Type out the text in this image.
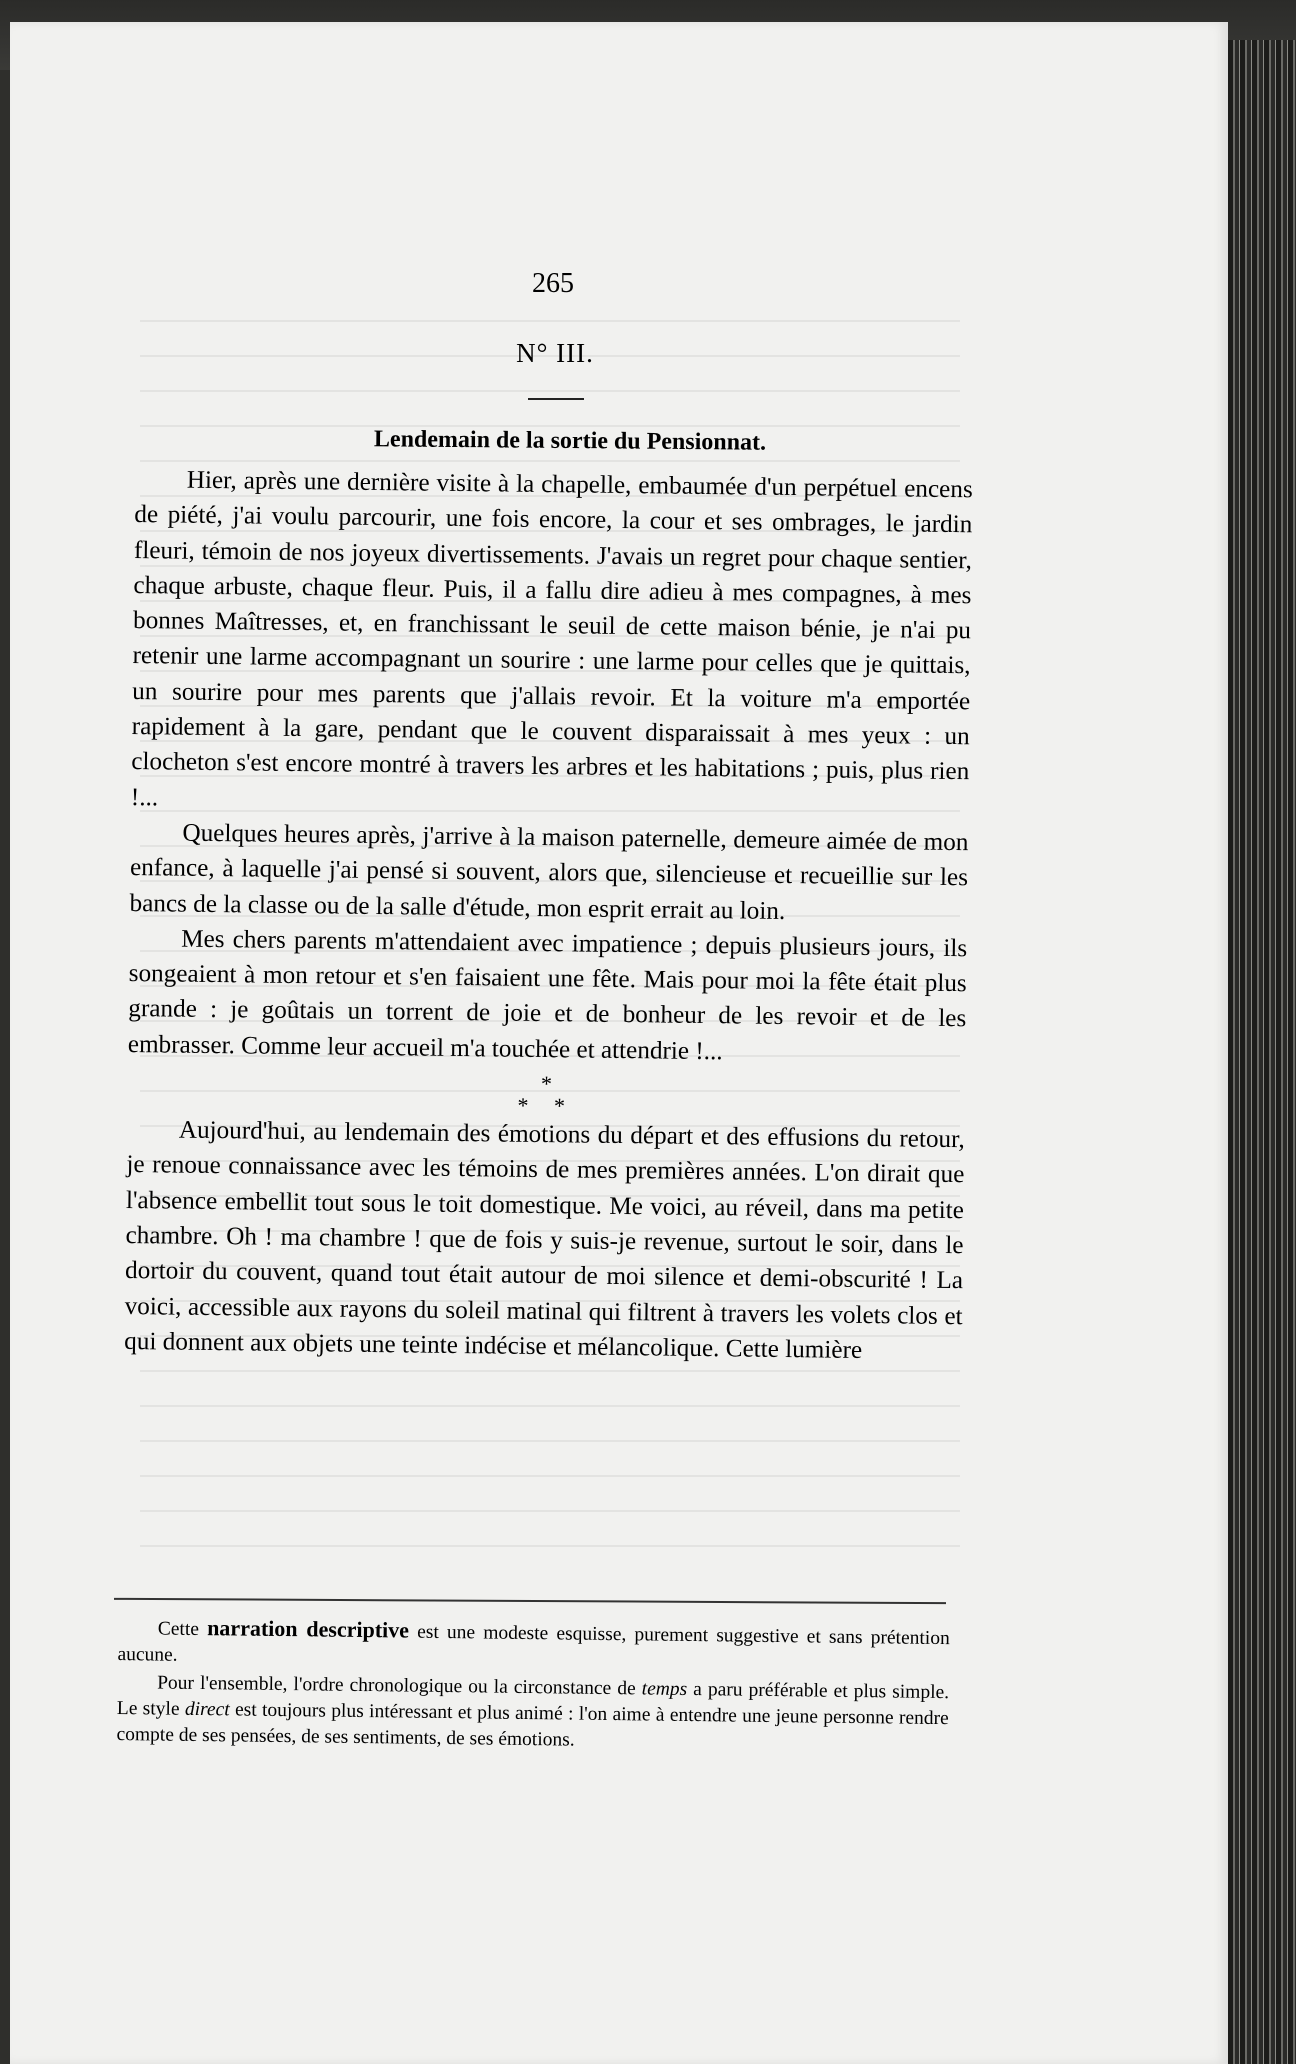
265
N° III.
Lendemain de la sortie du Pensionnat.

Hier, après une dernière visite à la chapelle, embaumée d'un perpétuel encens de piété, j'ai voulu parcourir, une fois encore, la cour et ses ombrages, le jardin fleuri, témoin de nos joyeux divertissements. J'avais un regret pour chaque sentier, chaque arbuste, chaque fleur. Puis, il a fallu dire adieu à mes compagnes, à mes bonnes Maîtresses, et, en franchissant le seuil de cette maison bénie, je n'ai pu retenir une larme accompagnant un sourire : une larme pour celles que je quittais, un sourire pour mes parents que j'allais revoir. Et la voiture m'a emportée rapidement à la gare, pendant que le couvent disparaissait à mes yeux : un clocheton s'est encore montré à travers les arbres et les habitations ; puis, plus rien !...

Quelques heures après, j'arrive à la maison paternelle, demeure aimée de mon enfance, à laquelle j'ai pensé si souvent, alors que, silencieuse et recueillie sur les bancs de la classe ou de la salle d'étude, mon esprit errait au loin.

Mes chers parents m'attendaient avec impatience ; depuis plusieurs jours, ils songeaient à mon retour et s'en faisaient une fête. Mais pour moi la fête était plus grande : je goûtais un torrent de joie et de bonheur de les revoir et de les embrasser. Comme leur accueil m'a touchée et attendrie !...

*
* *

Aujourd'hui, au lendemain des émotions du départ et des effusions du retour, je renoue connaissance avec les témoins de mes premières années. L'on dirait que l'absence embellit tout sous le toit domestique. Me voici, au réveil, dans ma petite chambre. Oh ! ma chambre ! que de fois y suis-je revenue, surtout le soir, dans le dortoir du couvent, quand tout était autour de moi silence et demi-obscurité ! La voici, accessible aux rayons du soleil matinal qui filtrent à travers les volets clos et qui donnent aux objets une teinte indécise et mélancolique. Cette lumière

Cette narration descriptive est une modeste esquisse, purement suggestive et sans prétention aucune.

Pour l'ensemble, l'ordre chronologique ou la circonstance de temps a paru préférable et plus simple. Le style direct est toujours plus intéressant et plus animé : l'on aime à entendre une jeune personne rendre compte de ses pensées, de ses sentiments, de ses émotions.
